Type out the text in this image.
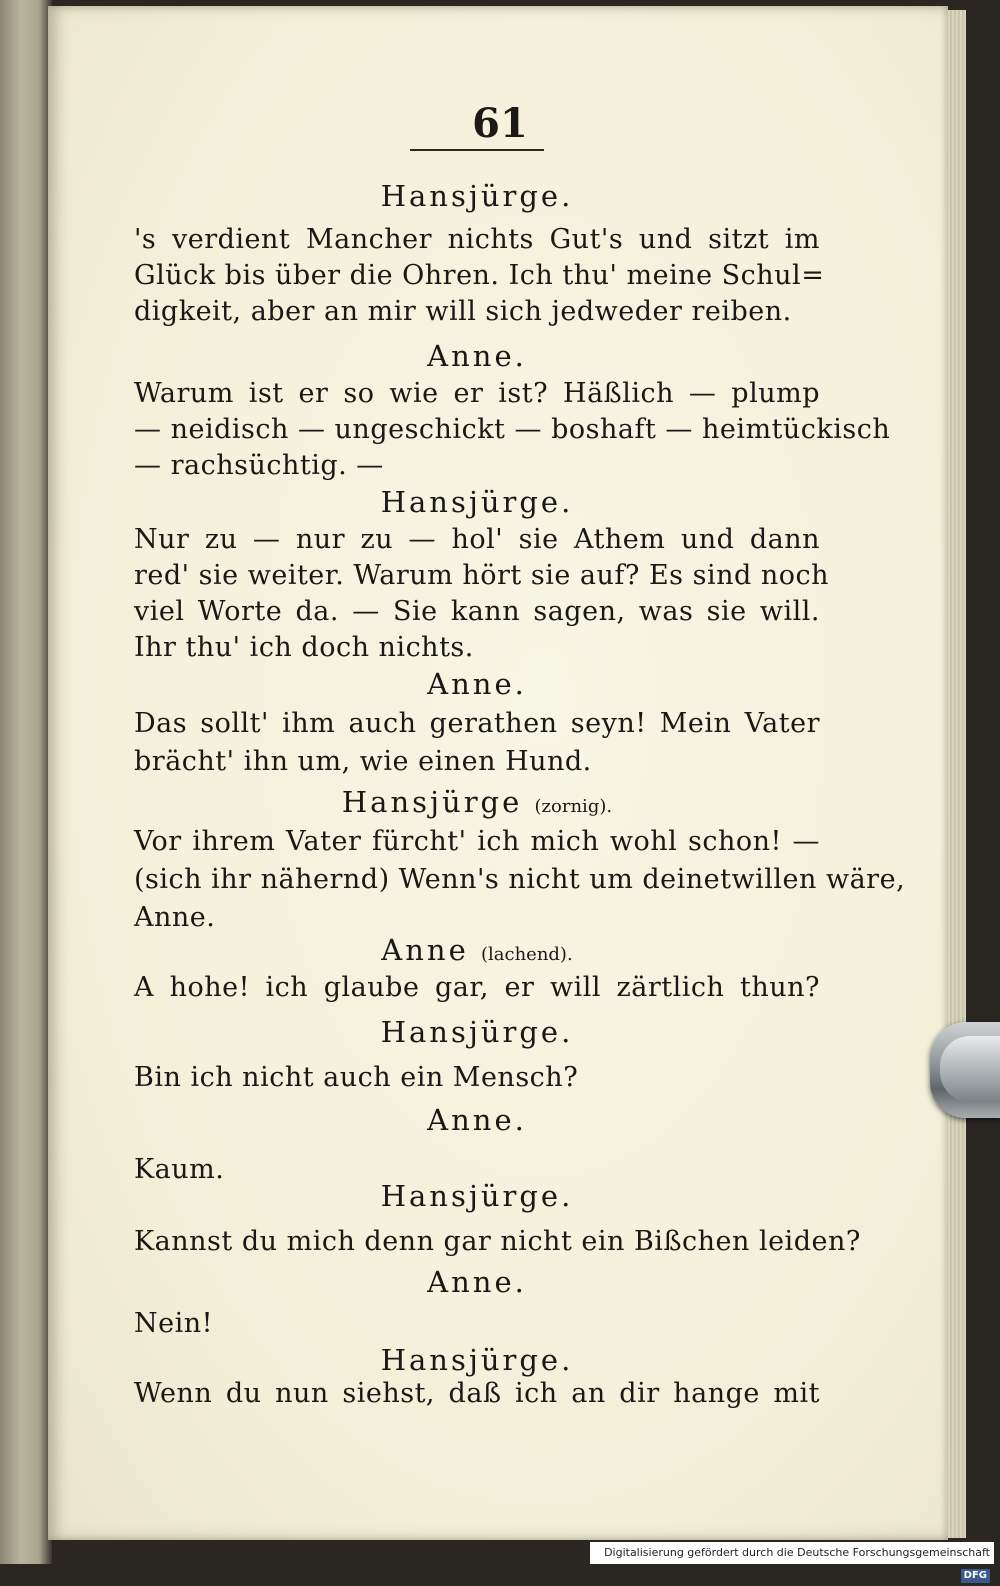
61
Hansjürge.
's verdient Mancher nichts Gut's und sitzt im
Glück bis über die Ohren. Ich thu' meine Schul=
digkeit, aber an mir will sich jedweder reiben.
Anne.
Warum ist er so wie er ist? Häßlich — plump
— neidisch — ungeschickt — boshaft — heimtückisch
— rachsüchtig. —
Hansjürge.
Nur zu — nur zu — hol' sie Athem und dann
red' sie weiter. Warum hört sie auf? Es sind noch
viel Worte da. — Sie kann sagen, was sie will.
Ihr thu' ich doch nichts.
Anne.
Das sollt' ihm auch gerathen seyn! Mein Vater
brächt' ihn um, wie einen Hund.
Hansjürge (zornig).
Vor ihrem Vater fürcht' ich mich wohl schon! —
(sich ihr nähernd) Wenn's nicht um deinetwillen wäre,
Anne.
Anne (lachend).
A hohe! ich glaube gar, er will zärtlich thun?
Hansjürge.
Bin ich nicht auch ein Mensch?
Anne.
Kaum.
Hansjürge.
Kannst du mich denn gar nicht ein Bißchen leiden?
Anne.
Nein!
Hansjürge.
Wenn du nun siehst, daß ich an dir hange mit
Digitalisierung gefördert durch die Deutsche ForschungsgemeinschaftDFG
